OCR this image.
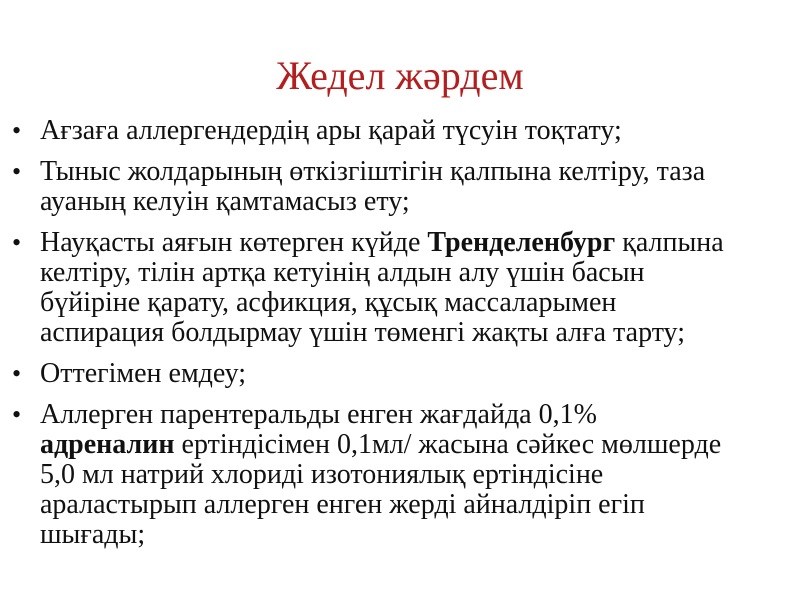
Жедел жәрдем
• Ағзаға аллергендердің ары қарай түсуін тоқтату;
• Тыныс жолдарының өткізгіштігін қалпына келтіру, таза ауаның келуін қамтамасыз ету;
• Науқасты аяғын көтерген күйде Тренделенбург қалпына келтіру, тілін артқа кетуінің алдын алу үшін басын бүйіріне қарату, асфикция, құсық массаларымен аспирация болдырмау үшін төменгі жақты алға тарту;
• Оттегімен емдеу;
• Аллерген парентеральды енген жағдайда 0,1% адреналин ертіндісімен 0,1мл/ жасына сәйкес мөлшерде 5,0 мл натрий хлориді изотониялық ертіндісіне араластырып аллерген енген жерді айналдіріп егіп шығады;
